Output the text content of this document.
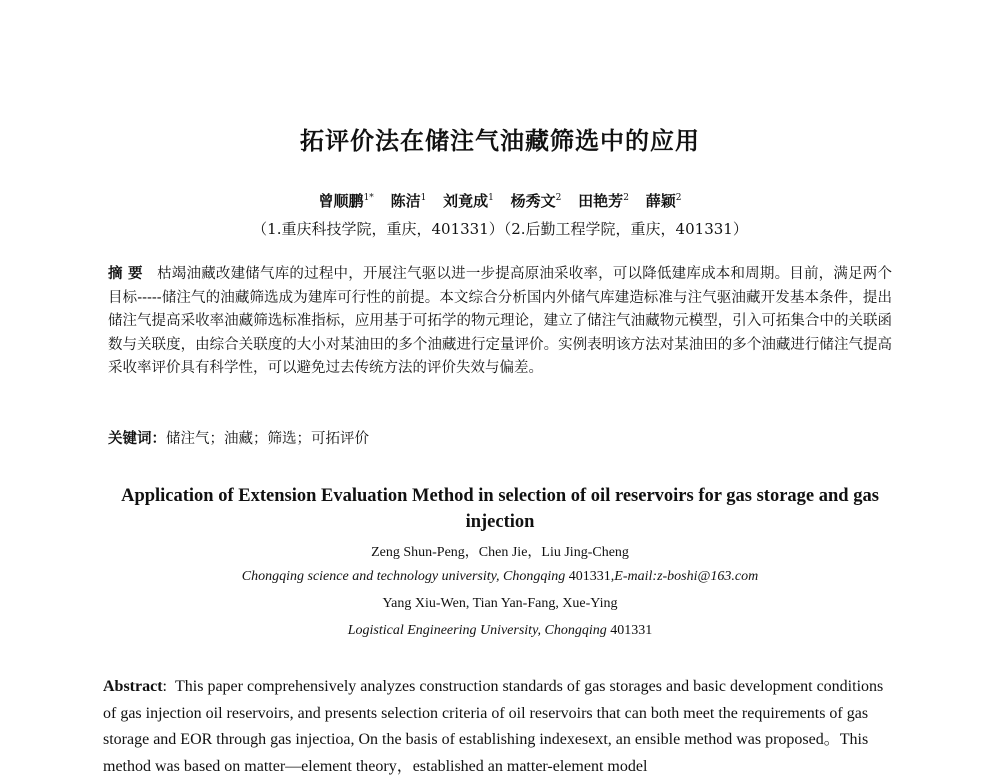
拓评价法在储注气油藏筛选中的应用
曾顺鹏$^{1*}$ 陈洁$^1$ 刘竟成$^1$ 杨秀文$^2$ 田艳芳$^2$ 薛颖$^2$
（1.重庆科技学院，重庆，401331）（2.后勤工程学院，重庆，401331）
摘 要 枯竭油藏改建储气库的过程中，开展注气驱以进一步提高原油采收率，可以降低建库成本和周期。目前，满足两个目标-----储注气的油藏筛选成为建库可行性的前提。本文综合分析国内外储气库建造标准与注气驱油藏开发基本条件，提出储注气提高采收率油藏筛选标准指标，应用基于可拓学的物元理论，建立了储注气油藏物元模型，引入可拓集合中的关联函数与关联度，由综合关联度的大小对某油田的多个油藏进行定量评价。实例表明该方法对某油田的多个油藏进行储注气提高采收率评价具有科学性，可以避免过去传统方法的评价失效与偏差。
关键词：储注气；油藏；筛选；可拓评价
Application of Extension Evaluation Method in selection of oil reservoirs for gas storage and gas injection
Zeng Shun-Peng，Chen Jie，Liu Jing-Cheng
Chongqing science and technology university, Chongqing 401331,E-mail:z-boshi@163.com
Yang Xiu-Wen, Tian Yan-Fang, Xue-Ying
Logistical Engineering University, Chongqing 401331
Abstract:  This paper comprehensively analyzes construction standards of gas storages and basic development conditions of gas injection oil reservoirs, and presents selection criteria of oil reservoirs that can both meet the requirements of gas storage and EOR through gas injectioa, On the basis of establishing indexesext, an ensible method was proposed。This method was based on matter—element theory，established an matter-element model
